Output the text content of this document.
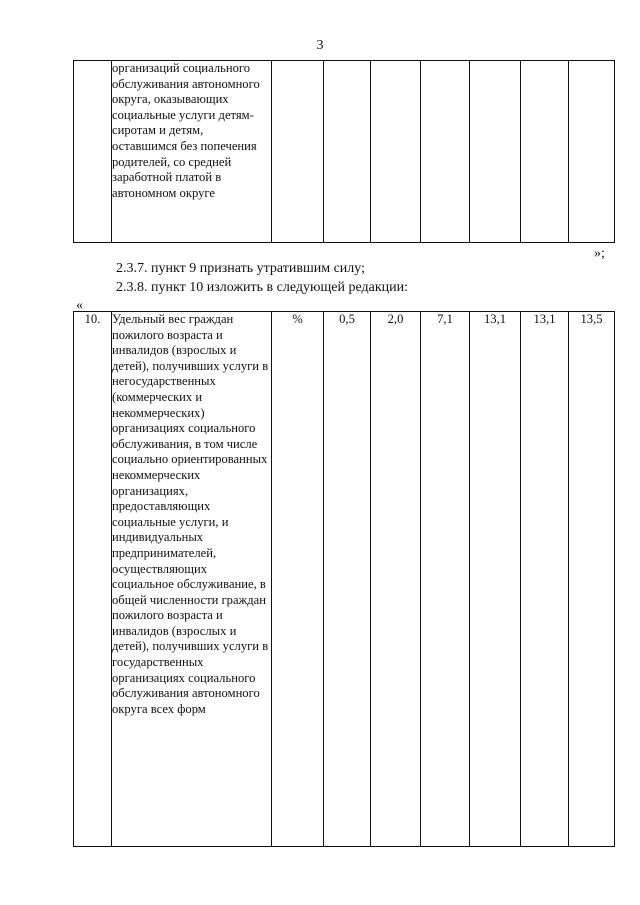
3
	организаций социального обслуживания автономного округа, оказывающих социальные услуги детям-сиротам и детям, оставшимся без попечения родителей, со средней заработной платой в автономном округе							
»;
2.3.7. пункт 9 признать утратившим силу;
2.3.8. пункт 10 изложить в следующей редакции:
«
10.	Удельный вес граждан пожилого возраста и инвалидов (взрослых и детей), получивших услуги в негосударственных (коммерческих и некоммерческих) организациях социального обслуживания, в том числе социально ориентированных некоммерческих организациях, предоставляющих социальные услуги, и индивидуальных предпринимателей, осуществляющих социальное обслуживание, в общей численности граждан пожилого возраста и инвалидов (взрослых и детей), получивших услуги в государственных организациях социального обслуживания автономного округа всех форм	%	0,5	2,0	7,1	13,1	13,1	13,5
